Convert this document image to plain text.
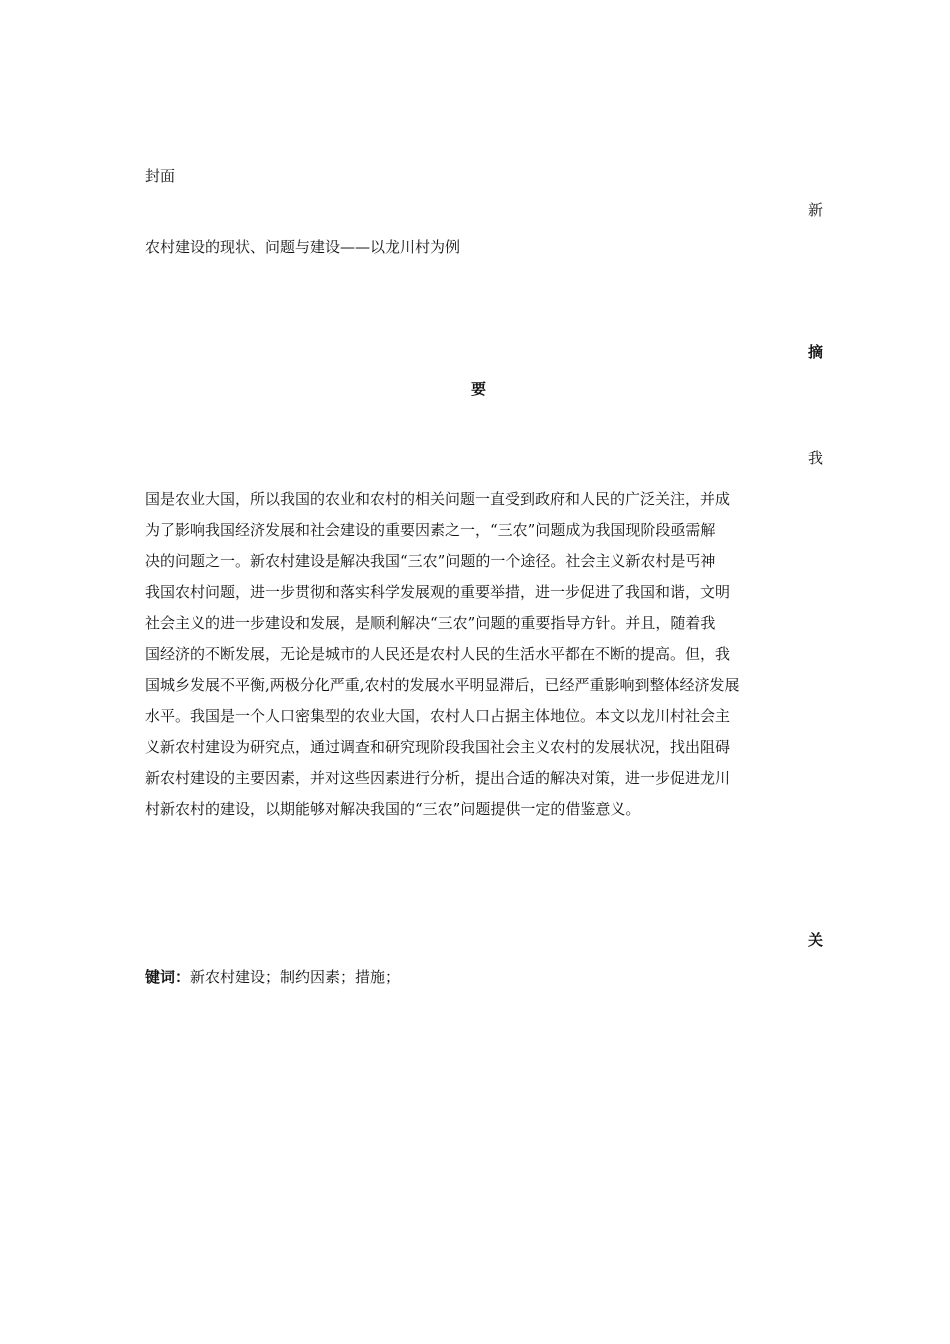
封面
新
农村建设的现状、问题与建设——以龙川村为例
摘
要
我
国是农业大国，所以我国的农业和农村的相关问题一直受到政府和人民的广泛关注，并成
为了影响我国经济发展和社会建设的重要因素之一，“三农”问题成为我国现阶段亟需解
决的问题之一。新农村建设是解决我国“三农”问题的一个途径。社会主义新农村是丐神
我国农村问题，进一步贯彻和落实科学发展观的重要举措，进一步促进了我国和谐，文明
社会主义的进一步建设和发展，是顺利解决“三农”问题的重要指导方针。并且，随着我
国经济的不断发展，无论是城市的人民还是农村人民的生活水平都在不断的提高。但，我
国城乡发展不平衡,两极分化严重,农村的发展水平明显滞后，已经严重影响到整体经济发展
水平。我国是一个人口密集型的农业大国，农村人口占据主体地位。本文以龙川村社会主
义新农村建设为研究点，通过调查和研究现阶段我国社会主义农村的发展状况，找出阻碍
新农村建设的主要因素，并对这些因素进行分析，提出合适的解决对策，进一步促进龙川
村新农村的建设，以期能够对解决我国的“三农”问题提供一定的借鉴意义。
关
键词：新农村建设；制约因素；措施；
